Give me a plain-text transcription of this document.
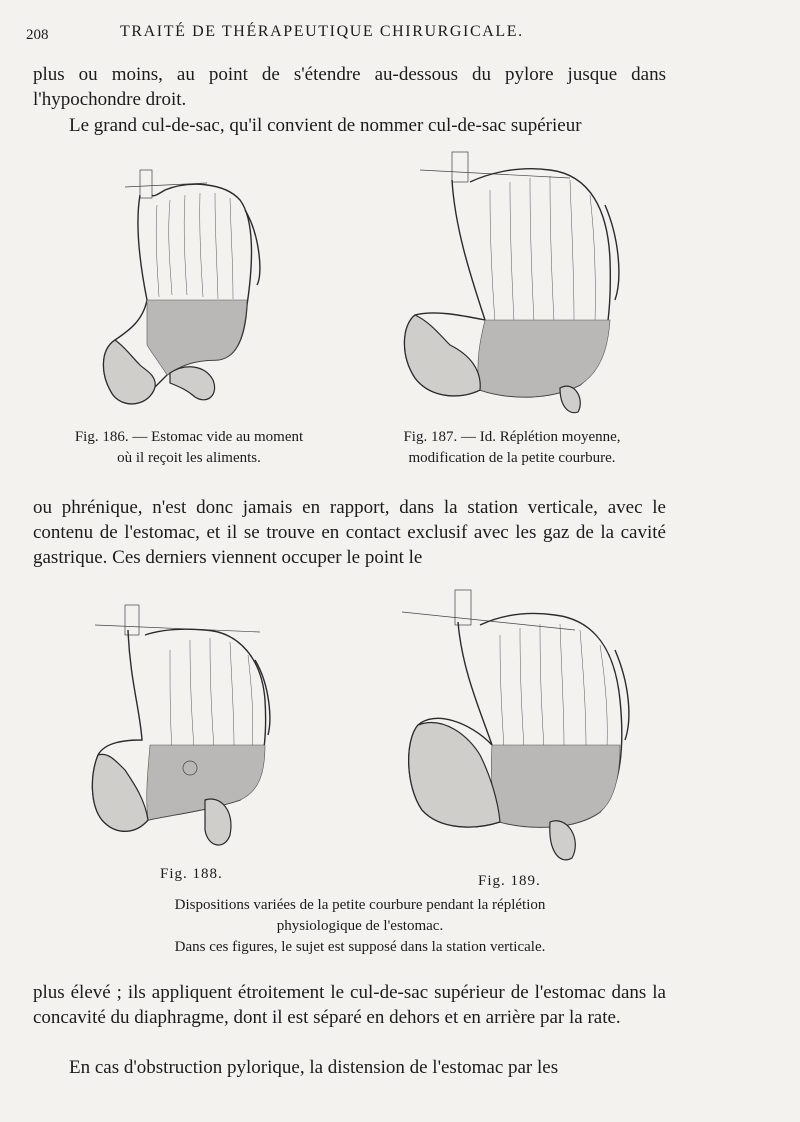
208	TRAITÉ DE THÉRAPEUTIQUE CHIRURGICALE.
plus ou moins, au point de s'étendre au-dessous du pylore jusque dans l'hypochondre droit.
Le grand cul-de-sac, qu'il convient de nommer cul-de-sac supérieur
Fig. 186. — Estomac vide au moment
où il reçoit les aliments.
Fig. 187. — Id. Réplétion moyenne,
modification de la petite courbure.
ou phrénique, n'est donc jamais en rapport, dans la station verticale, avec le contenu de l'estomac, et il se trouve en contact exclusif avec les gaz de la cavité gastrique. Ces derniers viennent occuper le point le
Fig. 188.	Fig. 189.
Dispositions variées de la petite courbure pendant la réplétion
physiologique de l'estomac.
Dans ces figures, le sujet est supposé dans la station verticale.
plus élevé ; ils appliquent étroitement le cul-de-sac supérieur de l'estomac dans la concavité du diaphragme, dont il est séparé en dehors et en arrière par la rate.
En cas d'obstruction pylorique, la distension de l'estomac par les
